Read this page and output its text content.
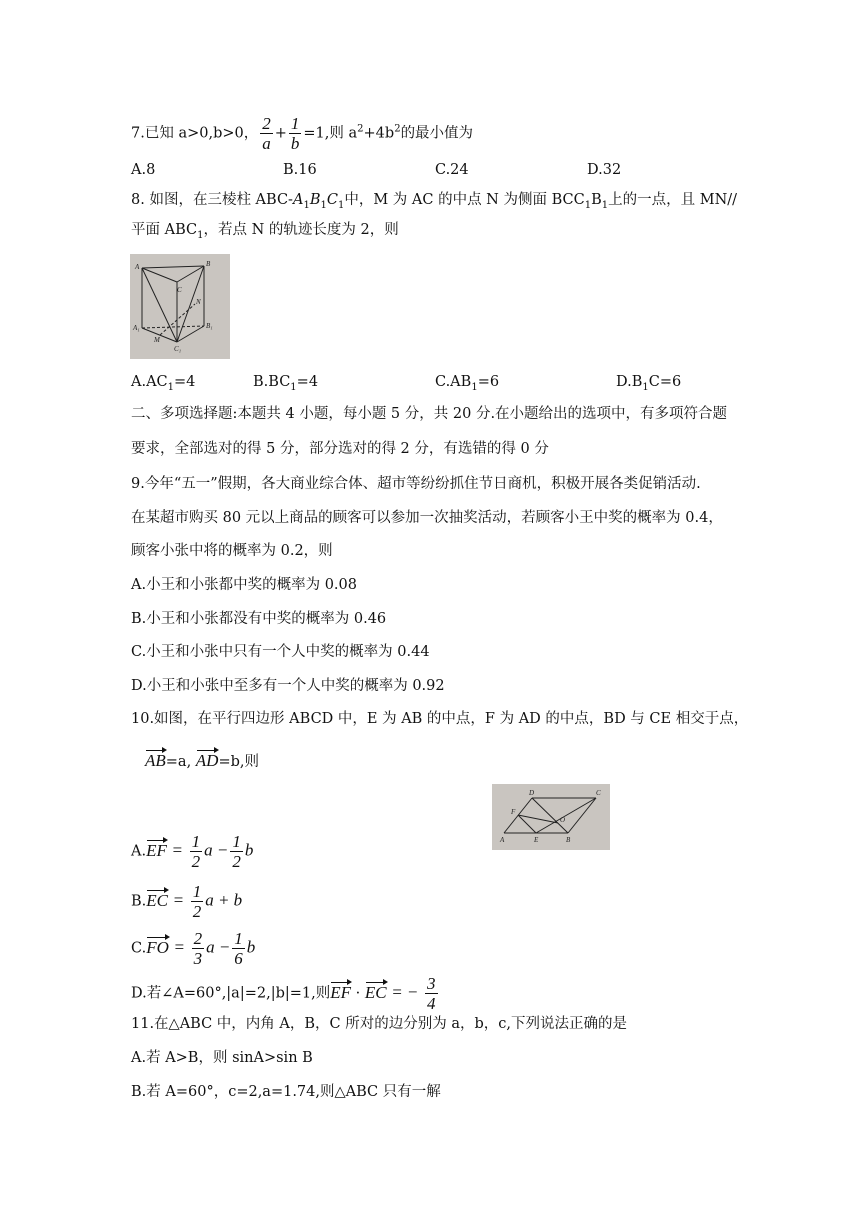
7.已知 a>0,b>0， $\frac{2}{a} + \frac{1}{b} =1$,则 $a^2+4b^2$的最小值为
A.8	B.16	C.24	D.32
8. 如图，在三棱柱 ABC-$A_1B_1C_1$中，M 为 AC 的中点 N 为侧面 $BCC_1B_1$上的一点，且 MN//
平面 $ABC_1$，若点 N 的轨迹长度为 2，则
A	B
C
N
A₁	B₁
M
C₁
$A.AC_1=4$	$B.BC_1=4$	$C.AB_1=6$	$D.B_1C=6$
二、多项选择题:本题共 4 小题，每小题 5 分，共 20 分.在小题给出的选项中，有多项符合题
要求，全部选对的得 5 分，部分选对的得 2 分，有选错的得 0 分
9.今年“五一”假期，各大商业综合体、超市等纷纷抓住节日商机，积极开展各类促销活动.
在某超市购买 80 元以上商品的顾客可以参加一次抽奖活动，若顾客小王中奖的概率为 0.4，
顾客小张中将的概率为 0.2，则
A.小王和小张都中奖的概率为 0.08
B.小王和小张都没有中奖的概率为 0.46
C.小王和小张中只有一个人中奖的概率为 0.44
D.小王和小张中至多有一个人中奖的概率为 0.92
10.如图，在平行四边形 ABCD 中，E 为 AB 的中点，F 为 AD 的中点，BD 与 CE 相交于点，
AB=a, AD=b,则
D	C
F
O
A	E	B
$A.EF = \frac{1}{2}$ $a - \frac{1}{2}$ b
$B.EC = \frac{1}{2}$ a + b
$C.FO = \frac{2}{3}$ $a - \frac{1}{6}$ b
D.若∠A=60°,|a|=2,|b|=1,则EF · EC = − $\frac{3}{4}$
11.在△ABC 中，内角 A，B，C 所对的边分别为 a，b，c,下列说法正确的是
A.若 A>B，则 sinA>sin B
B.若 A=60°，c=2,a=1.74,则△ABC 只有一解
